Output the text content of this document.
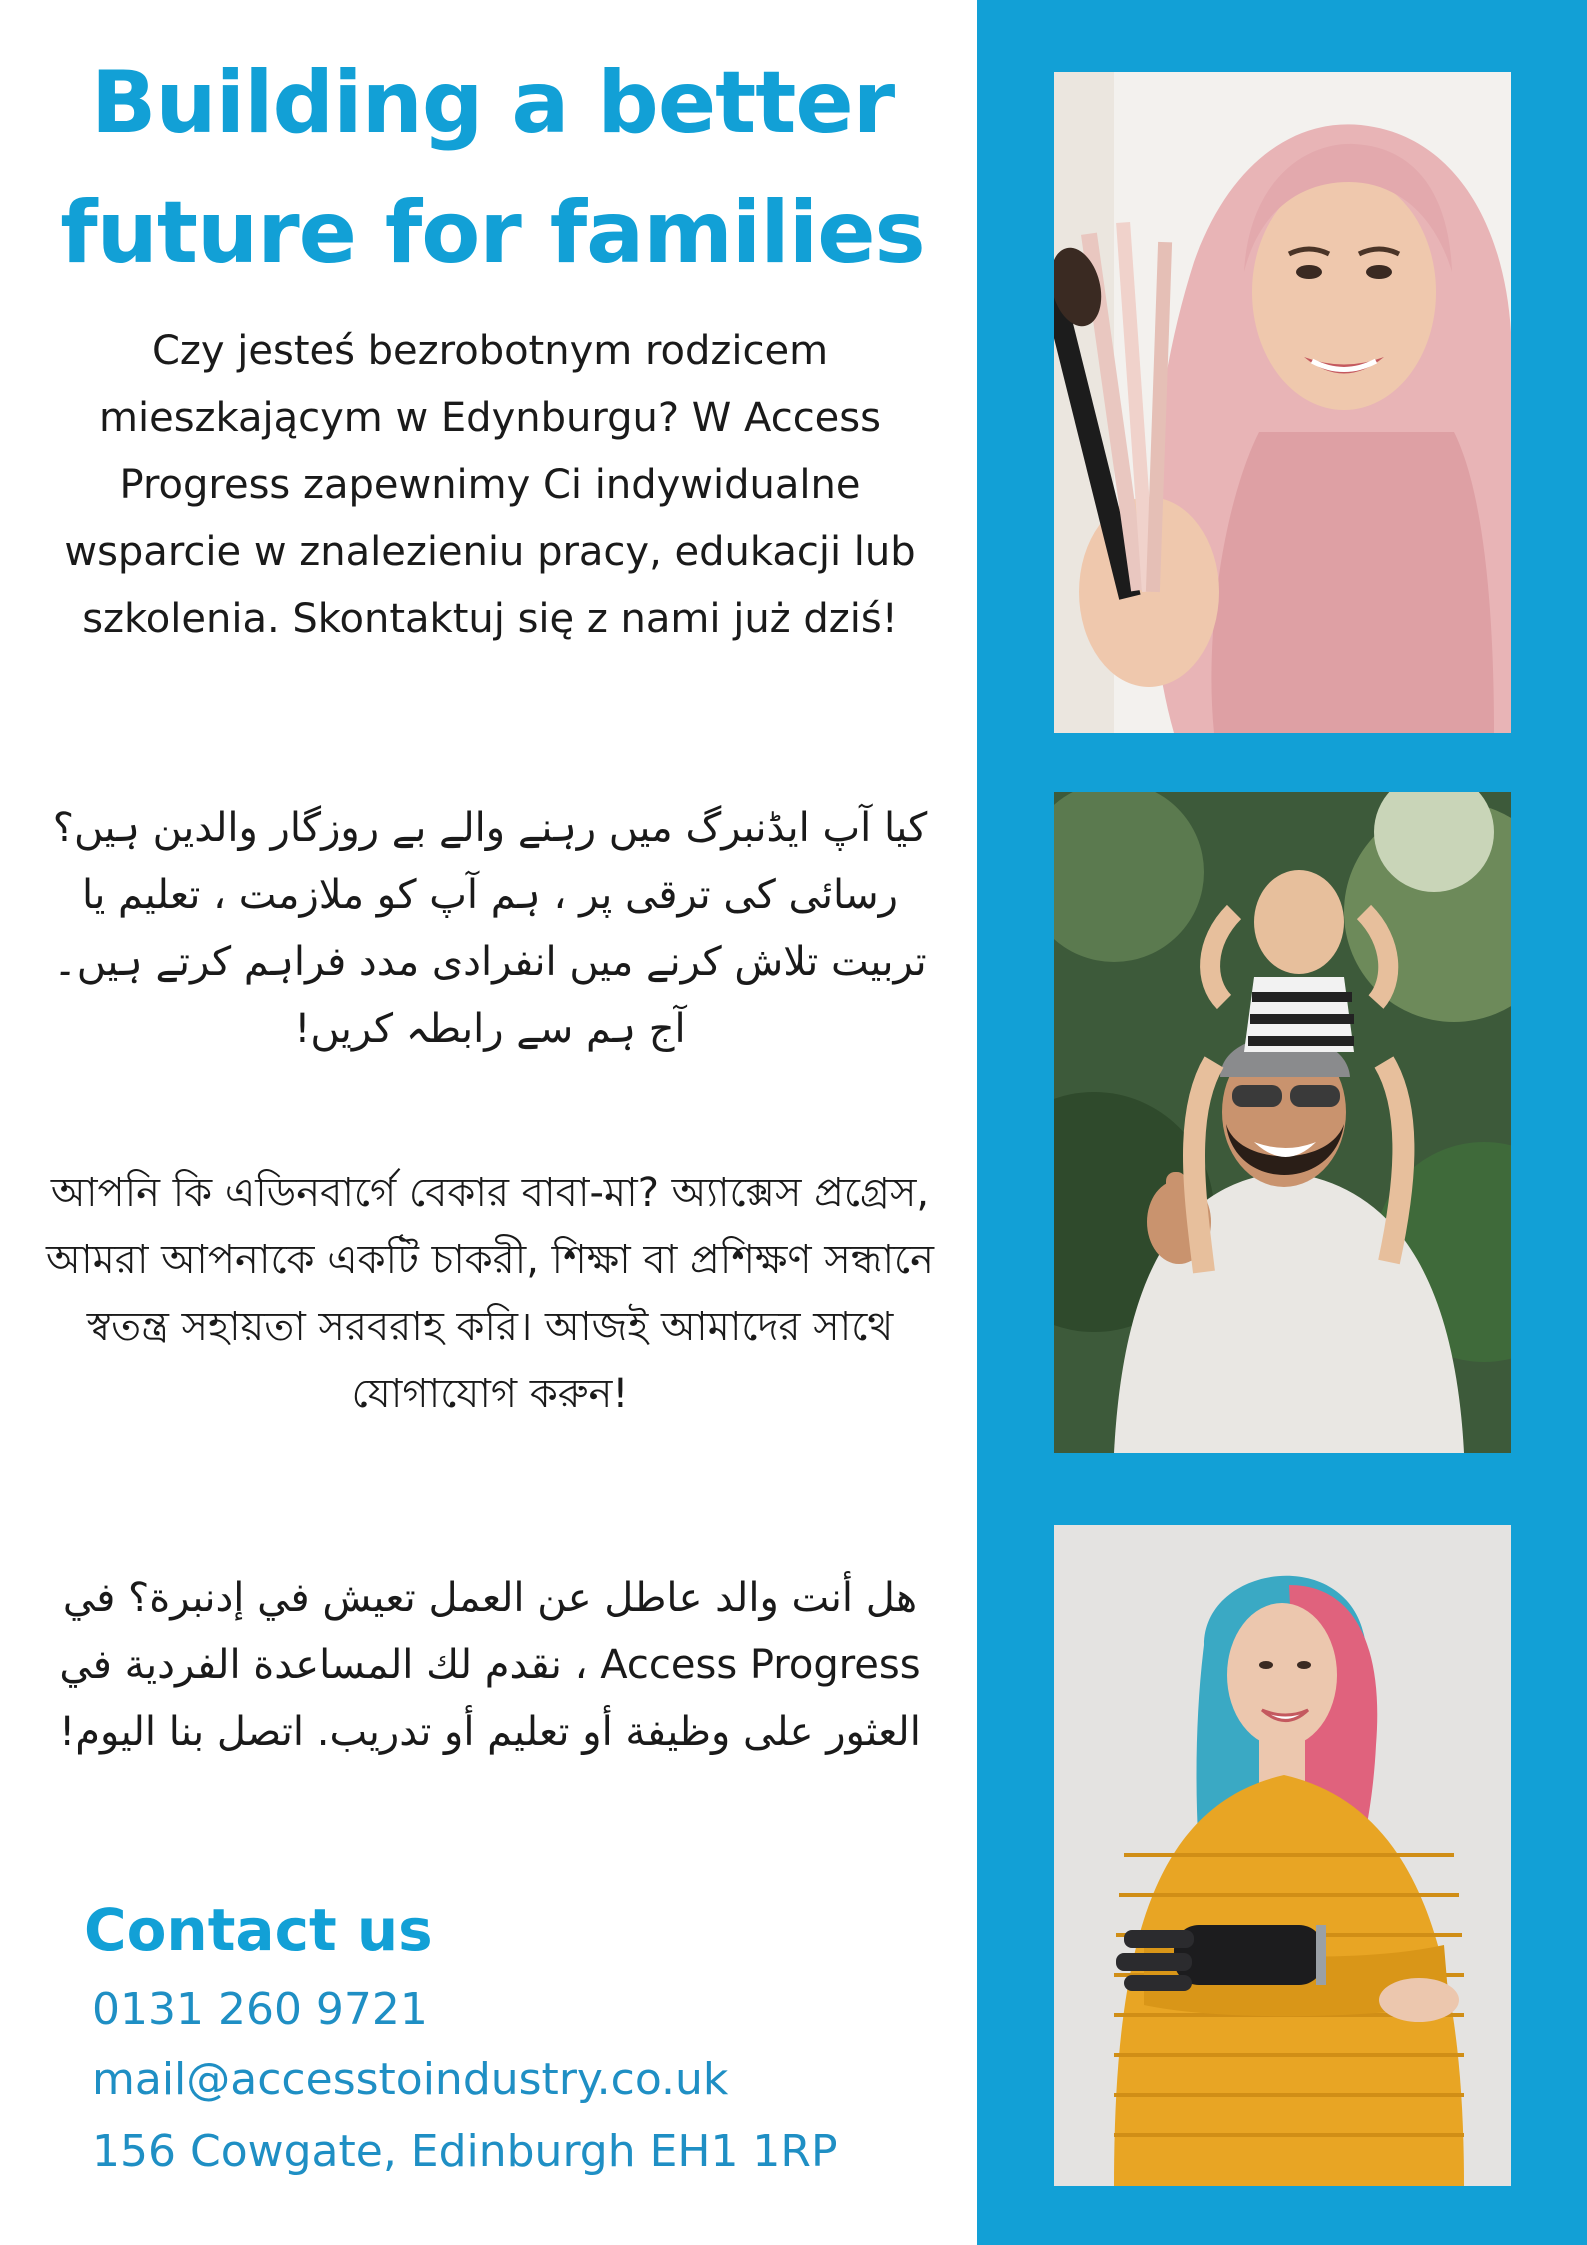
Building a better future for families

Czy jesteś bezrobotnym rodzicem mieszkającym w Edynburgu? W Access Progress zapewnimy Ci indywidualne wsparcie w znalezieniu pracy, edukacji lub szkolenia. Skontaktuj się z nami już dziś!

کیا آپ ایڈنبرگ میں رہنے والے بے روزگار والدین ہیں؟ رسائی کی ترقی پر ، ہم آپ کو ملازمت ، تعلیم یا تربیت تلاش کرنے میں انفرادی مدد فراہم کرتے ہیں۔ آج ہم سے رابطہ کریں!

আপনি কি এডিনবার্গে বেকার বাবা-মা? অ্যাক্সেস প্রগ্রেস, আমরা আপনাকে একটি চাকরী, শিক্ষা বা প্রশিক্ষণ সন্ধানে স্বতন্ত্র সহায়তা সরবরাহ করি। আজই আমাদের সাথে যোগাযোগ করুন!

هل أنت والد عاطل عن العمل تعيش في إدنبرة؟ في Access Progress ، نقدم لك المساعدة الفردية في العثور على وظيفة أو تعليم أو تدريب. اتصل بنا اليوم!

Contact us

0131 260 9721

mail@accesstoindustry.co.uk

156 Cowgate, Edinburgh EH1 1RP
